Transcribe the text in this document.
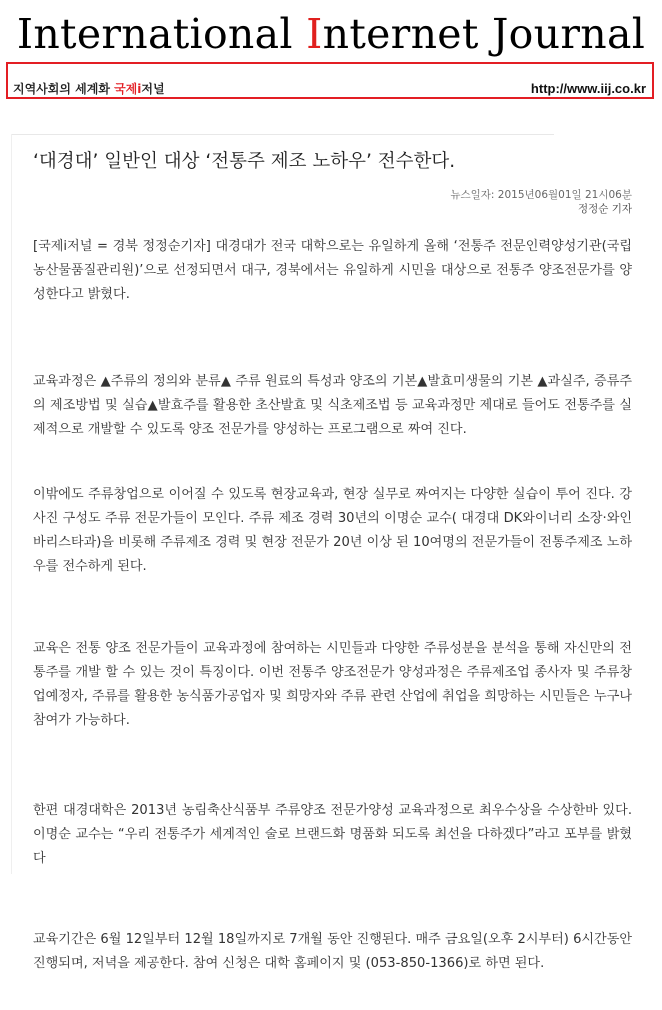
International Internet Journal
지역사회의 세계화 국제i저널	http://www.iij.co.kr
‘대경대’ 일반인 대상 ‘전통주 제조 노하우’ 전수한다.
뉴스일자: 2015년06월01일 21시06분
정정순 기자

[국제i저널 = 경북 정정순기자] 대경대가 전국 대학으로는 유일하게 올해 ‘전통주 전문인력양성기관(국립농산물품질관리원)’으로 선정되면서 대구, 경북에서는 유일하게 시민을 대상으로 전통주 양조전문가를 양성한다고 밝혔다.

교육과정은 ▲주류의 정의와 분류▲ 주류 원료의 특성과 양조의 기본▲발효미생물의 기본 ▲과실주, 증류주의 제조방법 및 실습▲발효주를 활용한 초산발효 및 식초제조법 등 교육과정만 제대로 들어도 전통주를 실제적으로 개발할 수 있도록 양조 전문가를 양성하는 프로그램으로 짜여 진다.

이밖에도 주류창업으로 이어질 수 있도록 현장교육과, 현장 실무로 짜여지는 다양한 실습이 투어 진다. 강사진 구성도 주류 전문가들이 모인다. 주류 제조 경력 30년의 이명순 교수( 대경대 DK와이너리 소장·와인바리스타과)을 비롯해 주류제조 경력 및 현장 전문가 20년 이상 된 10여명의 전문가들이 전통주제조 노하우를 전수하게 된다.

교육은 전통 양조 전문가들이 교육과정에 참여하는 시민들과 다양한 주류성분을 분석을 통해 자신만의 전통주를 개발 할 수 있는 것이 특징이다. 이번 전통주 양조전문가 양성과정은 주류제조업 종사자 및 주류창업예정자, 주류를 활용한 농식품가공업자 및 희망자와 주류 관련 산업에 취업을 희망하는 시민들은 누구나 참여가 가능하다.

한편 대경대학은 2013년 농림축산식품부 주류양조 전문가양성 교육과정으로 최우수상을 수상한바 있다. 이명순 교수는 “우리 전통주가 세계적인 술로 브랜드화 명품화 되도록 최선을 다하겠다”라고 포부를 밝혔다

교육기간은 6월 12일부터 12월 18일까지로 7개월 동안 진행된다. 매주 금요일(오후 2시부터) 6시간동안 진행되며, 저녁을 제공한다. 참여 신청은 대학 홈페이지 및 (053-850-1366)로 하면 된다.
